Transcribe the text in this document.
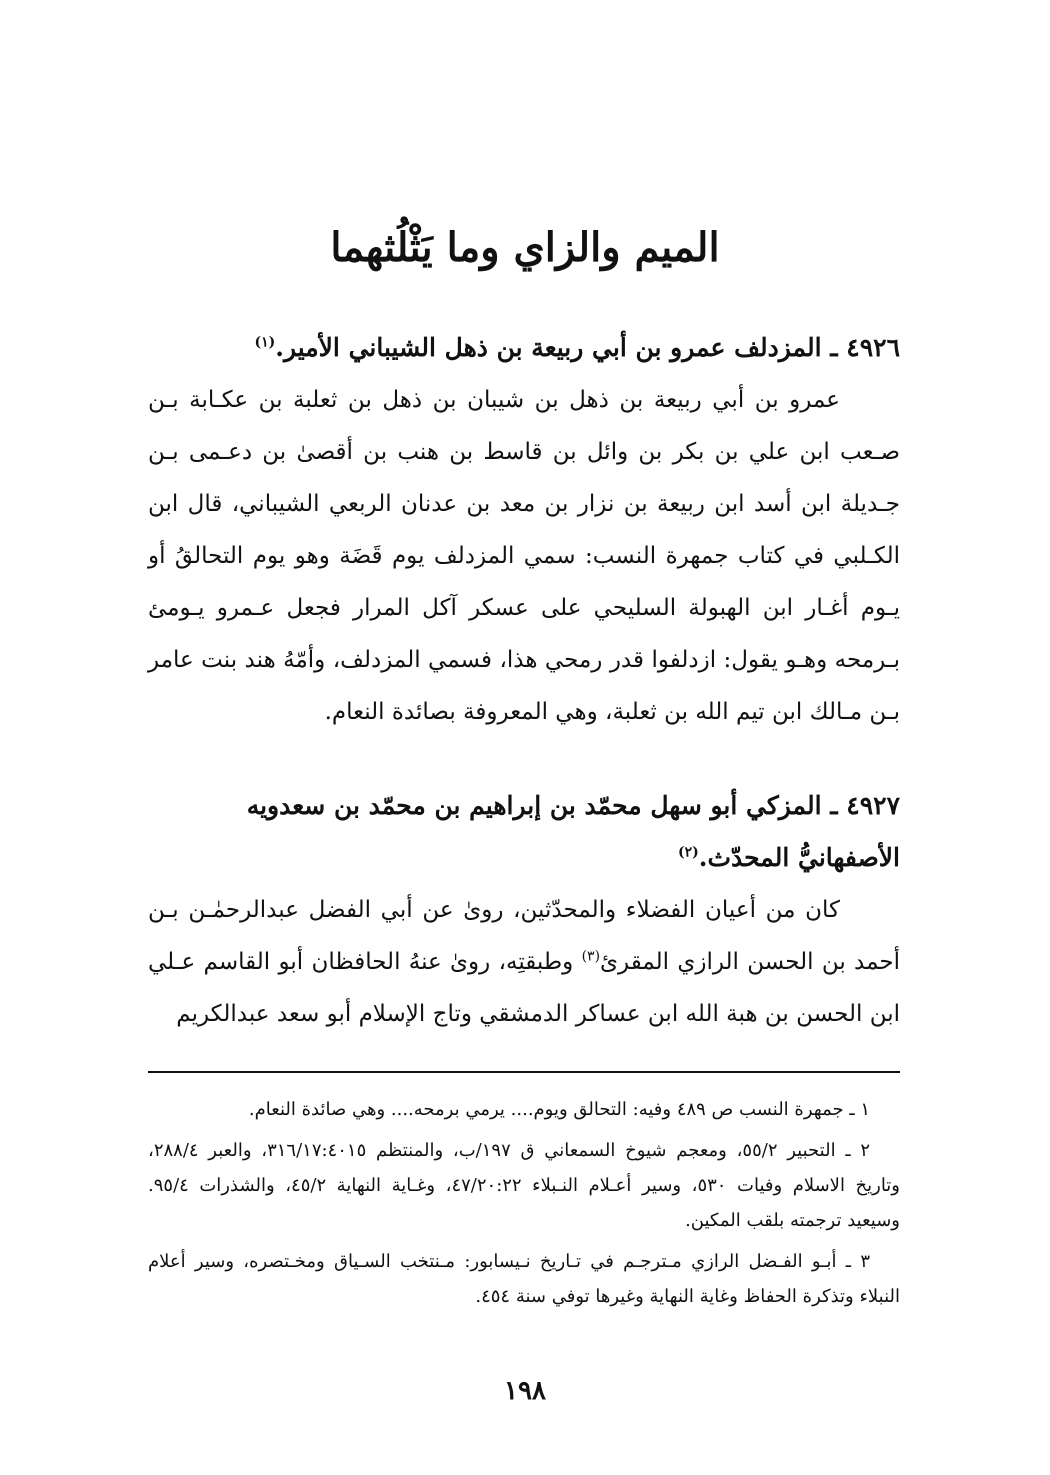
الميم والزاي وما يَثْلُثهما

٤٩٢٦ ـ المزدلف عمرو بن أبي ربيعة بن ذهل الشيباني الأمير.$^{(١)}$

عمرو بن أبي ربيعة بن ذهل بن شيبان بن ذهل بن ثعلبة بن عكـابة بـن صـعب ابن علي بن بكر بن وائل بن قاسط بن هنب بن أقصىٰ بن دعـمى بـن جـديلة ابن أسد ابن ربيعة بن نزار بن معد بن عدنان الربعي الشيباني، قال ابن الكـلبي في كتاب جمهرة النسب: سمي المزدلف يوم قَضَة وهو يوم التحالقُ أو يـوم أغـار ابن الهبولة السليحي على عسكر آكل المرار فجعل عـمرو يـومئ بـرمحه وهـو يقول: ازدلفوا قدر رمحي هذا، فسمي المزدلف، وأمّهُ هند بنت عامر بـن مـالك ابن تيم الله بن ثعلبة، وهي المعروفة بصائدة النعام.

٤٩٢٧ ـ المزكي أبو سهل محمّد بن إبراهيم بن محمّد بن سعدويه الأصفهانيُّ المحدّث.$^{(٢)}$

كان من أعيان الفضلاء والمحدّثين، روىٰ عن أبي الفضل عبدالرحمٰـن بـن أحمد بن الحسن الرازي المقرئ$^{(٣)}$ وطبقتِه، روىٰ عنهُ الحافظان أبو القاسم عـلي ابن الحسن بن هبة الله ابن عساكر الدمشقي وتاج الإسلام أبو سعد عبدالكريم

١ ـ جمهرة النسب ص ٤٨٩ وفيه: التحالق ويوم.... يرمي برمحه.... وهي صائدة النعام.
٢ ـ التحبير ٥٥/٢، ومعجم شيوخ السمعاني ق ١٩٧/ب، والمنتظم ٣١٦/١٧:٤٠١٥، والعبر ٢٨٨/٤، وتاريخ الاسلام وفيات ٥٣٠، وسير أعـلام النـبلاء ٤٧/٢٠:٢٢، وغـاية النهاية ٤٥/٢، والشذرات ٩٥/٤. وسيعيد ترجمته بلقب المكين.
٣ ـ أبـو الفـضل الرازي مـترجـم في تـاريخ نـيسابور: مـنتخب السـياق ومخـتصره، وسير أعلام النبلاء وتذكرة الحفاظ وغاية النهاية وغيرها توفي سنة ٤٥٤.

١٩٨
